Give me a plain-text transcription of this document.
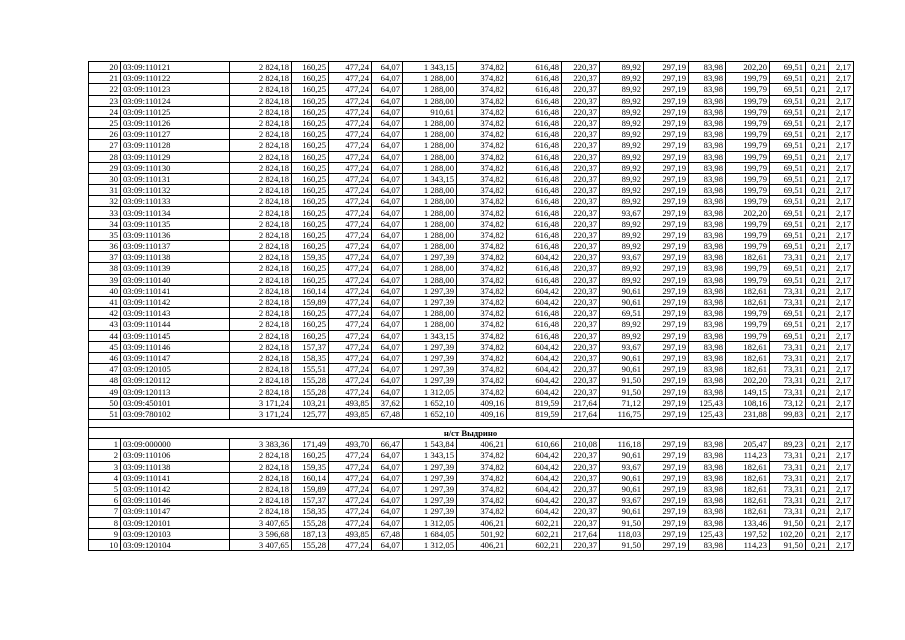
20	03:09:110121	2 824,18	160,25	477,24	64,07	1 343,15	374,82	616,48	220,37	89,92	297,19	83,98	202,20	69,51	0,21	2,17
21	03:09:110122	2 824,18	160,25	477,24	64,07	1 288,00	374,82	616,48	220,37	89,92	297,19	83,98	199,79	69,51	0,21	2,17
22	03:09:110123	2 824,18	160,25	477,24	64,07	1 288,00	374,82	616,48	220,37	89,92	297,19	83,98	199,79	69,51	0,21	2,17
23	03:09:110124	2 824,18	160,25	477,24	64,07	1 288,00	374,82	616,48	220,37	89,92	297,19	83,98	199,79	69,51	0,21	2,17
24	03:09:110125	2 824,18	160,25	477,24	64,07	910,61	374,82	616,48	220,37	89,92	297,19	83,98	199,79	69,51	0,21	2,17
25	03:09:110126	2 824,18	160,25	477,24	64,07	1 288,00	374,82	616,48	220,37	89,92	297,19	83,98	199,79	69,51	0,21	2,17
26	03:09:110127	2 824,18	160,25	477,24	64,07	1 288,00	374,82	616,48	220,37	89,92	297,19	83,98	199,79	69,51	0,21	2,17
27	03:09:110128	2 824,18	160,25	477,24	64,07	1 288,00	374,82	616,48	220,37	89,92	297,19	83,98	199,79	69,51	0,21	2,17
28	03:09:110129	2 824,18	160,25	477,24	64,07	1 288,00	374,82	616,48	220,37	89,92	297,19	83,98	199,79	69,51	0,21	2,17
29	03:09:110130	2 824,18	160,25	477,24	64,07	1 288,00	374,82	616,48	220,37	89,92	297,19	83,98	199,79	69,51	0,21	2,17
30	03:09:110131	2 824,18	160,25	477,24	64,07	1 343,15	374,82	616,48	220,37	89,92	297,19	83,98	199,79	69,51	0,21	2,17
31	03:09:110132	2 824,18	160,25	477,24	64,07	1 288,00	374,82	616,48	220,37	89,92	297,19	83,98	199,79	69,51	0,21	2,17
32	03:09:110133	2 824,18	160,25	477,24	64,07	1 288,00	374,82	616,48	220,37	89,92	297,19	83,98	199,79	69,51	0,21	2,17
33	03:09:110134	2 824,18	160,25	477,24	64,07	1 288,00	374,82	616,48	220,37	93,67	297,19	83,98	202,20	69,51	0,21	2,17
34	03:09:110135	2 824,18	160,25	477,24	64,07	1 288,00	374,82	616,48	220,37	89,92	297,19	83,98	199,79	69,51	0,21	2,17
35	03:09:110136	2 824,18	160,25	477,24	64,07	1 288,00	374,82	616,48	220,37	89,92	297,19	83,98	199,79	69,51	0,21	2,17
36	03:09:110137	2 824,18	160,25	477,24	64,07	1 288,00	374,82	616,48	220,37	89,92	297,19	83,98	199,79	69,51	0,21	2,17
37	03:09:110138	2 824,18	159,35	477,24	64,07	1 297,39	374,82	604,42	220,37	93,67	297,19	83,98	182,61	73,31	0,21	2,17
38	03:09:110139	2 824,18	160,25	477,24	64,07	1 288,00	374,82	616,48	220,37	89,92	297,19	83,98	199,79	69,51	0,21	2,17
39	03:09:110140	2 824,18	160,25	477,24	64,07	1 288,00	374,82	616,48	220,37	89,92	297,19	83,98	199,79	69,51	0,21	2,17
40	03:09:110141	2 824,18	160,14	477,24	64,07	1 297,39	374,82	604,42	220,37	90,61	297,19	83,98	182,61	73,31	0,21	2,17
41	03:09:110142	2 824,18	159,89	477,24	64,07	1 297,39	374,82	604,42	220,37	90,61	297,19	83,98	182,61	73,31	0,21	2,17
42	03:09:110143	2 824,18	160,25	477,24	64,07	1 288,00	374,82	616,48	220,37	69,51	297,19	83,98	199,79	69,51	0,21	2,17
43	03:09:110144	2 824,18	160,25	477,24	64,07	1 288,00	374,82	616,48	220,37	89,92	297,19	83,98	199,79	69,51	0,21	2,17
44	03:09:110145	2 824,18	160,25	477,24	64,07	1 343,15	374,82	616,48	220,37	89,92	297,19	83,98	199,79	69,51	0,21	2,17
45	03:09:110146	2 824,18	157,37	477,24	64,07	1 297,39	374,82	604,42	220,37	93,67	297,19	83,98	182,61	73,31	0,21	2,17
46	03:09:110147	2 824,18	158,35	477,24	64,07	1 297,39	374,82	604,42	220,37	90,61	297,19	83,98	182,61	73,31	0,21	2,17
47	03:09:120105	2 824,18	155,51	477,24	64,07	1 297,39	374,82	604,42	220,37	90,61	297,19	83,98	182,61	73,31	0,21	2,17
48	03:09:120112	2 824,18	155,28	477,24	64,07	1 297,39	374,82	604,42	220,37	91,50	297,19	83,98	202,20	73,31	0,21	2,17
49	03:09:120113	2 824,18	155,28	477,24	64,07	1 312,05	374,82	604,42	220,37	91,50	297,19	83,98	149,15	73,31	0,21	2,17
50	03:09:450101	3 171,24	103,21	493,85	37,62	1 652,10	409,16	819,59	217,64	71,12	297,19	125,43	108,16	73,12	0,21	2,17
51	03:09:780102	3 171,24	125,77	493,85	67,48	1 652,10	409,16	819,59	217,64	116,75	297,19	125,43	231,88	99,83	0,21	2,17

н/ст Выдрино																
1	03:09:000000	3 383,36	171,49	493,70	66,47	1 543,84	406,21	610,66	210,08	116,18	297,19	83,98	205,47	89,23	0,21	2,17
2	03:09:110106	2 824,18	160,25	477,24	64,07	1 343,15	374,82	604,42	220,37	90,61	297,19	83,98	114,23	73,31	0,21	2,17
3	03:09:110138	2 824,18	159,35	477,24	64,07	1 297,39	374,82	604,42	220,37	93,67	297,19	83,98	182,61	73,31	0,21	2,17
4	03:09:110141	2 824,18	160,14	477,24	64,07	1 297,39	374,82	604,42	220,37	90,61	297,19	83,98	182,61	73,31	0,21	2,17
5	03:09:110142	2 824,18	159,89	477,24	64,07	1 297,39	374,82	604,42	220,37	90,61	297,19	83,98	182,61	73,31	0,21	2,17
6	03:09:110146	2 824,18	157,37	477,24	64,07	1 297,39	374,82	604,42	220,37	93,67	297,19	83,98	182,61	73,31	0,21	2,17
7	03:09:110147	2 824,18	158,35	477,24	64,07	1 297,39	374,82	604,42	220,37	90,61	297,19	83,98	182,61	73,31	0,21	2,17
8	03:09:120101	3 407,65	155,28	477,24	64,07	1 312,05	406,21	602,21	220,37	91,50	297,19	83,98	133,46	91,50	0,21	2,17
9	03:09:120103	3 596,68	187,13	493,85	67,48	1 684,05	501,92	602,21	217,64	118,03	297,19	125,43	197,52	102,20	0,21	2,17
10	03:09:120104	3 407,65	155,28	477,24	64,07	1 312,05	406,21	602,21	220,37	91,50	297,19	83,98	114,23	91,50	0,21	2,17
